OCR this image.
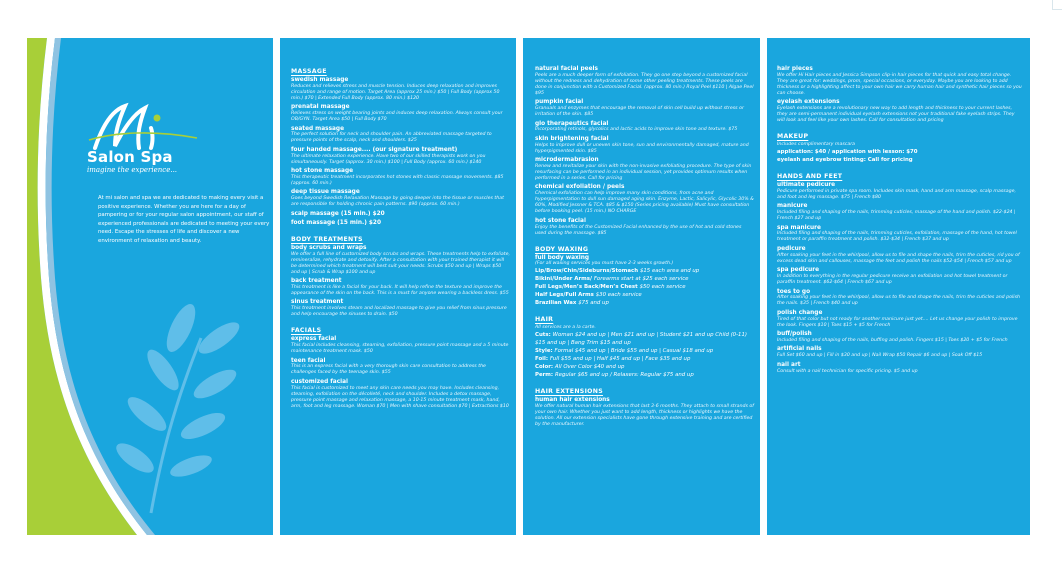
Salon Spa
imagine the experience...
At mi salon and spa we are dedicated to making every visit a positive experience. Whether you are here for a day of pampering or for your regular salon appointment, our staff of experienced professionals are dedicated to meeting your every need. Escape the stresses of life and discover a new environment of relaxation and beauty.
MASSAGE
swedish massage
Reduces and relieves stress and muscle tension. Induces deep relaxation and improves circulation and range of motion. Target Area (approx 25 min.) $50 | Full Body (approx 50 min.) $70 | Extended Full Body (approx. 80 min.) $120
prenatal massage
Relieves stress on weight bearing joints and induces deep relaxation. Always consult your OB/GYN. Target Area $50 | Full Body $70
seated massage
The perfect solution for neck and shoulder pain. An abbreviated massage targeted to pressure points of the scalp, neck and shoulders. $25
four handed massage.... (our signature treatment)
The ultimate relaxation experience. Have two of our skilled therapists work on you simultaneously. Target (approx. 30 min.) $100 | Full Body (approx. 60 min.) $140
hot stone massage
This therapeutic treatment incorporates hot stones with classic massage movements. $85 (approx. 60 min.)
deep tissue massage
Goes beyond Swedish Relaxation Massage by going deeper into the tissue or muscles that are responsible for holding chronic pain patterns. $90 (approx. 60 min.)
scalp massage (15 min.) $20
foot massage (15 min.) $20
BODY TREATMENTS
body scrubs and wraps
We offer a full line of customized body scrubs and wraps. These treatments help to exfoliate, remineralize, rehydrate and detoxify. After a consultation with your trained therapist it will be determined which treatment will best suit your needs. Scrubs $50 and up | Wraps $50 and up | Scrub & Wrap $100 and up
back treatment
This treatment is like a facial for your back. It will help refine the texture and improve the appearance of the skin on the back. This is a must for anyone wearing a backless dress. $55
sinus treatment
This treatment involves steam and localized massage to give you relief from sinus pressure and help encourage the sinuses to drain. $50
FACIALS
express facial
This facial includes cleansing, steaming, exfoliation, pressure point massage and a 5 minute maintenance treatment mask. $50
teen facial
This is an express facial with a very thorough skin care consultation to address the challenges faced by the teenage skin. $55
customized facial
This facial is customized to meet any skin care needs you may have. Includes cleansing, steaming, exfoliation on the décolleté, neck and shoulder. Includes a detox massage, pressure point massage and relaxation massage, a 10-15 minute treatment mask, hand, arm, foot and leg massage. Woman $70 | Men with shave consultation $70 | Extractions $10
natural facial peels
Peels are a much deeper form of exfoliation. They go one step beyond a customized facial without the redness and dehydration of some other peeling treatments. These peels are done in conjunction with a Customized Facial. (approx. 80 min.) Royal Peel $110 | Algae Peel $95
pumpkin facial
Granuals and enzymes that encourage the removal of skin cell build up without stress or irritation of the skin. $85
glo therapeutics facial
Incorporating retinols, glycolics and lactic acids to improve skin tone and texture. $75
skin brightening facial
Helps to improve dull or uneven skin tone, sun and environmentally damaged, mature and hyperpigmented skin. $85
microdermabrasion
Renew and revitalize your skin with the non-invasive exfoliating procedure. The type of skin resurfacing can be performed in an individual session, yet provides optimum results when performed in a series. Call for pricing
chemical exfoliation / peels
Chemical exfoliation can help improve many skin conditions, from acne and hyperpigmentation to dull sun damaged aging skin. Enzyme, Lactic, Salicylic, Glycolic 30% & 60%, Modified Jessner & TCA. $85 & $150 (Series pricing available) Must have consultation before booking peel. (15 min.) NO CHARGE
hot stone facial
Enjoy the benefits of the Customized Facial enhanced by the use of hot and cold stones used during the massage. $85
BODY WAXING
full body waxing
(For all waxing services you must have 2-3 weeks growth.)
Lip/Brow/Chin/Sideburns/Stomach $15 each area and up
Bikini/Under Arms/ Forearms start at $25 each service
Full Legs/Men’s Back/Men’s Chest $50 each service
Half Legs/Full Arms $30 each service
Brazilian Wax $75 and up
HAIR
All services are a la carte.
Cuts: Woman $24 and up | Men $21 and up | Student $21 and up Child (0-11) $15 and up | Bang Trim $15 and up
Style: Formal $45 and up | Bride $55 and up | Casual $18 and up
Foil: Full $55 and up | Half $45 and up | Face $35 and up
Color: All Over Color $40 and up
Perm: Regular $65 and up / Relaxers: Regular $75 and up
HAIR EXTENSIONS
human hair extensions
We offer natural human hair extensions that last 3-6 months. They attach to small strands of your own hair. Whether you just want to add length, thickness or highlights we have the solution. All our extension specialists have gone through extensive training and are certified by the manufacturer.
hair pieces
We offer Hi Hair pieces and Jessica Simpson clip-in hair pieces for that quick and easy total change. They are great for: weddings, prom, special occasions, or everyday. Maybe you are looking to add thickness or a highlighting affect to your own hair we carry human hair and synthetic hair pieces so you can choose.
eyelash extensions
Eyelash extensions are a revolutionary new way to add length and thickness to your current lashes, they are semi-permanent individual eyelash extensions not your traditional fake eyelash strips. They will look and feel like your own lashes. Call for consultation and pricing
MAKEUP
Includes complimentary mascara
application: $40 / application with lesson: $70
eyelash and eyebrow tinting: Call for pricing
HANDS AND FEET
ultimate pedicure
Pedicure performed in private spa room. Includes skin mask, hand and arm massage, scalp massage, and foot and leg massage. $75 | French $80
manicure
Included filing and shaping of the nails, trimming cuticles, massage of the hand and polish. $22-$24 | French $27 and up
spa manicure
Included filing and shaping of the nails, trimming cuticles, exfoliation, massage of the hand, hot towel treatment or paraffin treatment and polish. $32-$34 | French $37 and up
pedicure
After soaking your feet in the whirlpool, allow us to file and shape the nails, trim the cuticles, rid you of excess dead skin and callouses, massage the feet and polish the nails $52-$54 | French $57 and up
spa pedicure
In addition to everything in the regular pedicure receive an exfoliation and hot towel treatment or paraffin treatment. $62-$64 | French $67 and up
toes to go
After soaking your feet in the whirlpool, allow us to file and shape the nails, trim the cuticles and polish the nails. $35 | French $40 and up
polish change
Tired of that color but not ready for another manicure just yet.... Let us change your polish to improve the look. Fingers $10 | Toes $15 + $5 for French
buff/polish
Included filing and shaping of the nails, buffing and polish. Fingers $15 | Toes $20 + $5 for French
artificial nails
Full Set $60 and up | Fill in $30 and up | Nail Wrap $50 Repair $6 and up | Soak Off $15
nail art
Consult with a nail technician for specific pricing. $5 and up
